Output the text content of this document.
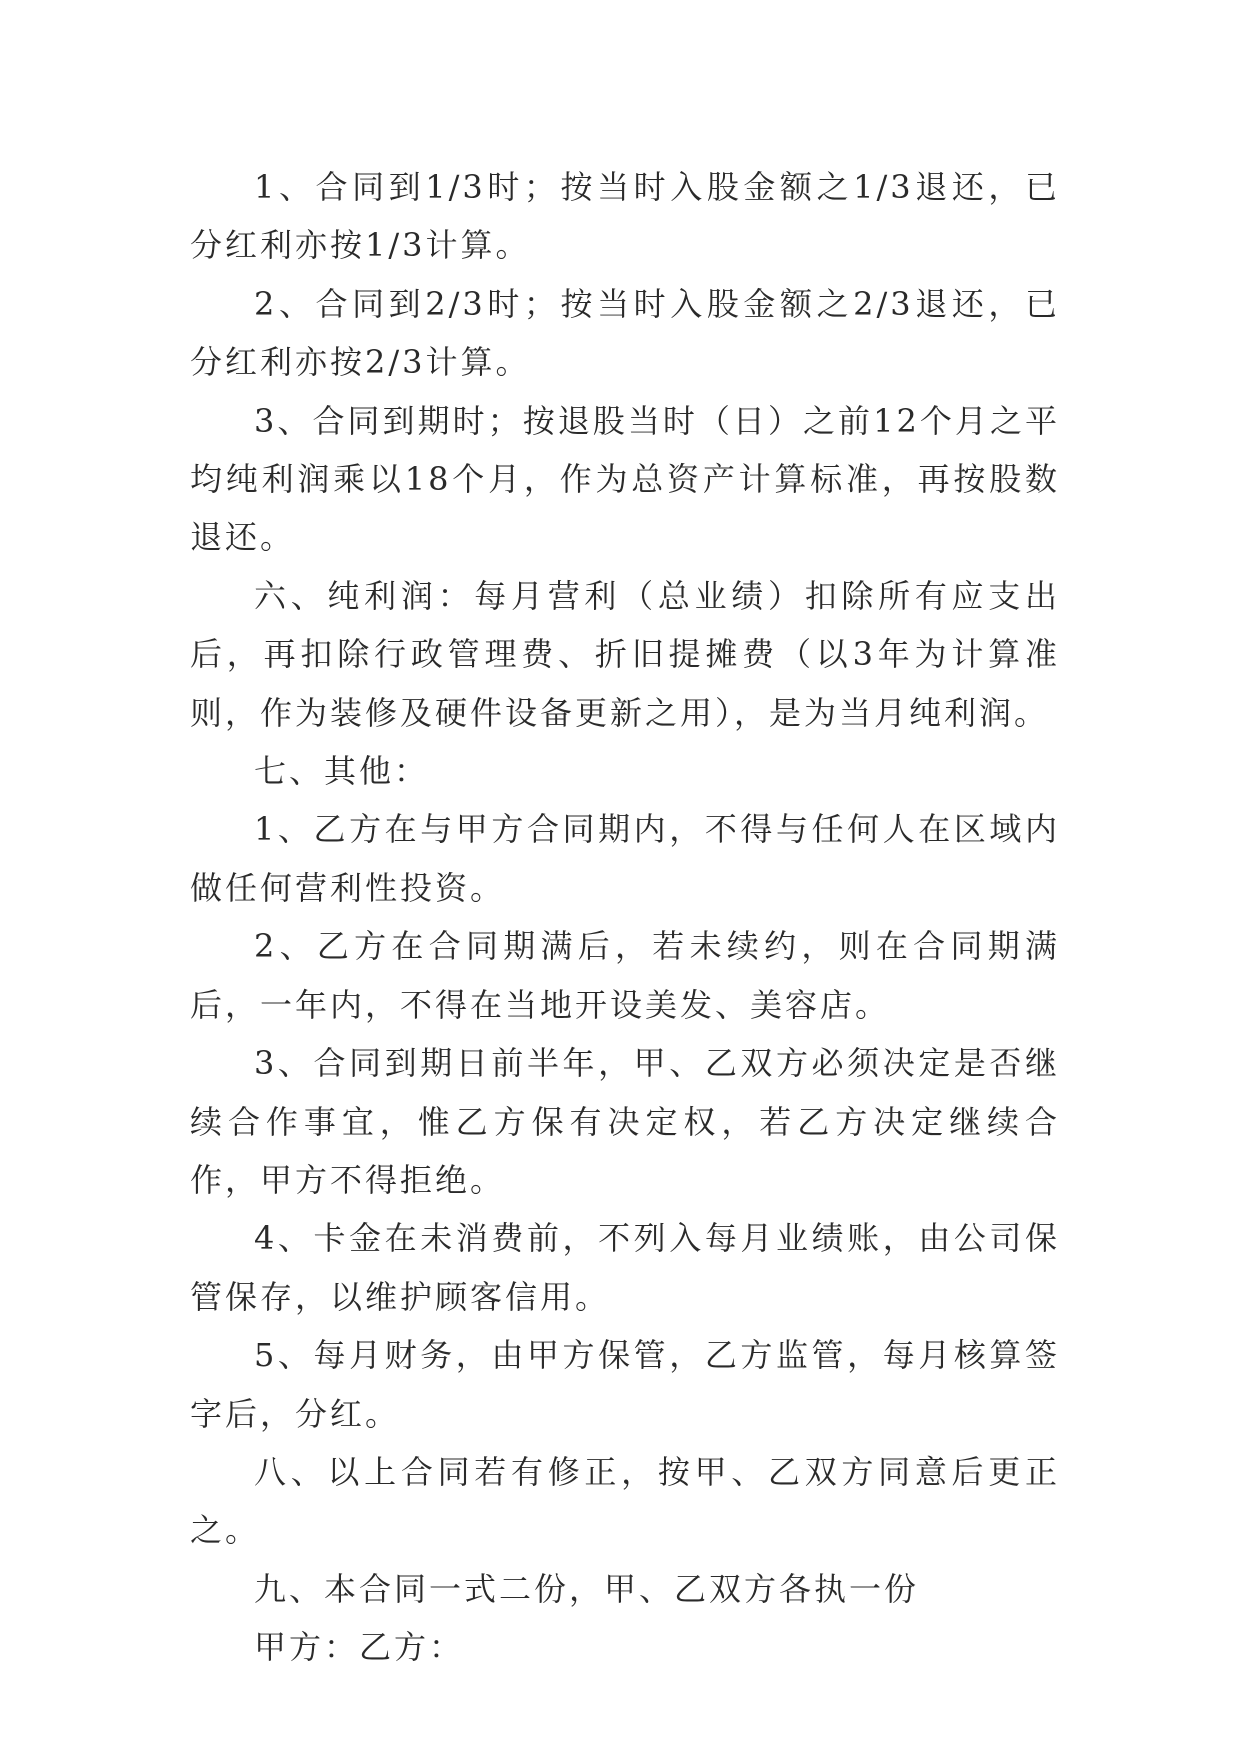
1、合同到1/3时；按当时入股金额之1/3退还，已分红利亦按1/3计算。

2、合同到2/3时；按当时入股金额之2/3退还，已分红利亦按2/3计算。

3、合同到期时；按退股当时（日）之前12个月之平均纯利润乘以18个月，作为总资产计算标准，再按股数退还。

六、纯利润：每月营利（总业绩）扣除所有应支出后，再扣除行政管理费、折旧提摊费（以3年为计算准则，作为装修及硬件设备更新之用），是为当月纯利润。

七、其他：

1、乙方在与甲方合同期内，不得与任何人在区域内做任何营利性投资。

2、乙方在合同期满后，若未续约，则在合同期满后，一年内，不得在当地开设美发、美容店。

3、合同到期日前半年，甲、乙双方必须决定是否继续合作事宜，惟乙方保有决定权，若乙方决定继续合作，甲方不得拒绝。

4、卡金在未消费前，不列入每月业绩账，由公司保管保存，以维护顾客信用。

5、每月财务，由甲方保管，乙方监管，每月核算签字后，分红。

八、以上合同若有修正，按甲、乙双方同意后更正之。

九、本合同一式二份，甲、乙双方各执一份

甲方：乙方：
